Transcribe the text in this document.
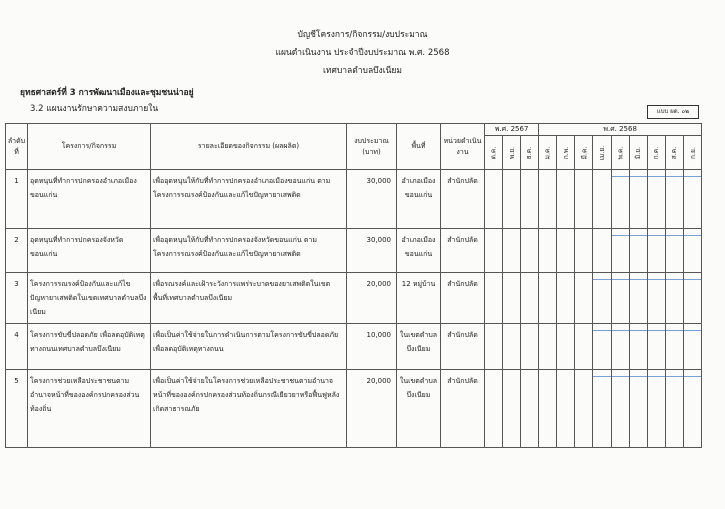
บัญชีโครงการ/กิจกรรม/งบประมาณ
แผนดำเนินงาน ประจำปีงบประมาณ พ.ศ. 2568
เทศบาลตำบลบึงเนียม
ยุทธศาสตร์ที่ 3 การพัฒนาเมืองและชุมชนน่าอยู่
3.2 แผนงานรักษาความสงบภายใน	แบบ ผด. ๐๒
ลำดับที่	โครงการ/กิจกรรม	รายละเอียดของกิจกรรม (ผลผลิต)	งบประมาณ (บาท)	พื้นที่	หน่วยดำเนินงาน	พ.ศ. 2567			พ.ศ. 2568								
						ต.ค.	พ.ย.	ธ.ค.	ม.ค.	ก.พ.	มี.ค.	เม.ย.	พ.ค.	มิ.ย.	ก.ค.	ส.ค.	ก.ย.

1	อุดหนุนที่ทำการปกครองอำเภอเมืองขอนแก่น	เพื่ออุดหนุนให้กับที่ทำการปกครองอำเภอเมืองขอนแก่น ตามโครงการรณรงค์ป้องกันและแก้ไขปัญหายาเสพติด	30,000	อำเภอเมืองขอนแก่น	สำนักปลัด												

2	อุดหนุนที่ทำการปกครองจังหวัดขอนแก่น	เพื่ออุดหนุนให้กับที่ทำการปกครองจังหวัดขอนแก่น ตามโครงการรณรงค์ป้องกันและแก้ไขปัญหายาเสพติด	30,000	อำเภอเมืองขอนแก่น	สำนักปลัด												

3	โครงการรณรงค์ป้องกันและแก้ไขปัญหายาเสพติดในเขตเทศบาลตำบลบึงเนียม	เพื่อรณรงค์และเฝ้าระวังการแพร่ระบาดของยาเสพติดในเขตพื้นที่เทศบาลตำบลบึงเนียม	20,000	12 หมู่บ้าน	สำนักปลัด												

4	โครงการขับขี่ปลอดภัย เพื่อลดอุบัติเหตุทางถนนเทศบาลตำบลบึงเนียม	เพื่อเป็นค่าใช้จ่ายในการดำเนินการตามโครงการขับขี่ปลอดภัย เพื่อลดอุบัติเหตุทางถนน	10,000	ในเขตตำบลบึงเนียม	สำนักปลัด												

5	โครงการช่วยเหลือประชาชนตามอำนาจหน้าที่ขององค์กรปกครองส่วนท้องถิ่น	เพื่อเป็นค่าใช้จ่ายในโครงการช่วยเหลือประชาชนตามอำนาจหน้าที่ขององค์กรปกครองส่วนท้องถิ่นกรณีเยียวยาหรือฟื้นฟูหลังเกิดสาธารณภัย	20,000	ในเขตตำบลบึงเนียม	สำนักปลัด												
